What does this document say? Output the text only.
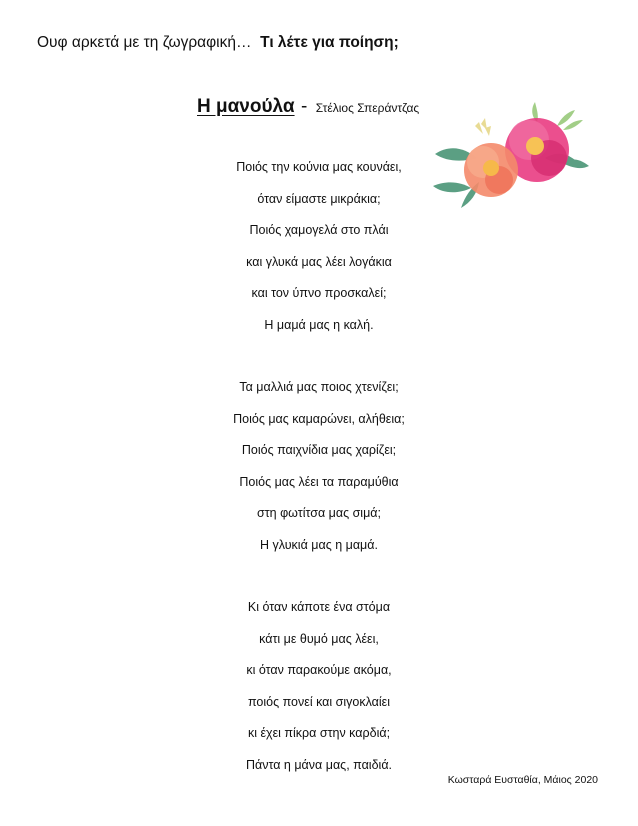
Ουφ αρκετά με τη ζωγραφική… Τι λέτε για ποίηση;
Η μανούλα - Στέλιος Σπεράντζας
Ποιός την κούνια μας κουνάει,
όταν είμαστε μικράκια;
Ποιός χαμογελά στο πλάι
και γλυκά μας λέει λογάκια
και τον ύπνο προσκαλεί;
Η μαμά μας η καλή.
Τα μαλλιά μας ποιος χτενίζει;
Ποιός μας καμαρώνει, αλήθεια;
Ποιός παιχνίδια μας χαρίζει;
Ποιός μας λέει τα παραμύθια
στη φωτίτσα μας σιμά;
Η γλυκιά μας η μαμά.
Κι όταν κάποτε ένα στόμα
κάτι με θυμό μας λέει,
κι όταν παρακούμε ακόμα,
ποιός πονεί και σιγοκλαίει
κι έχει πίκρα στην καρδιά;
Πάντα η μάνα μας, παιδιά.
Κωσταρά Ευσταθία, Μάιος 2020
